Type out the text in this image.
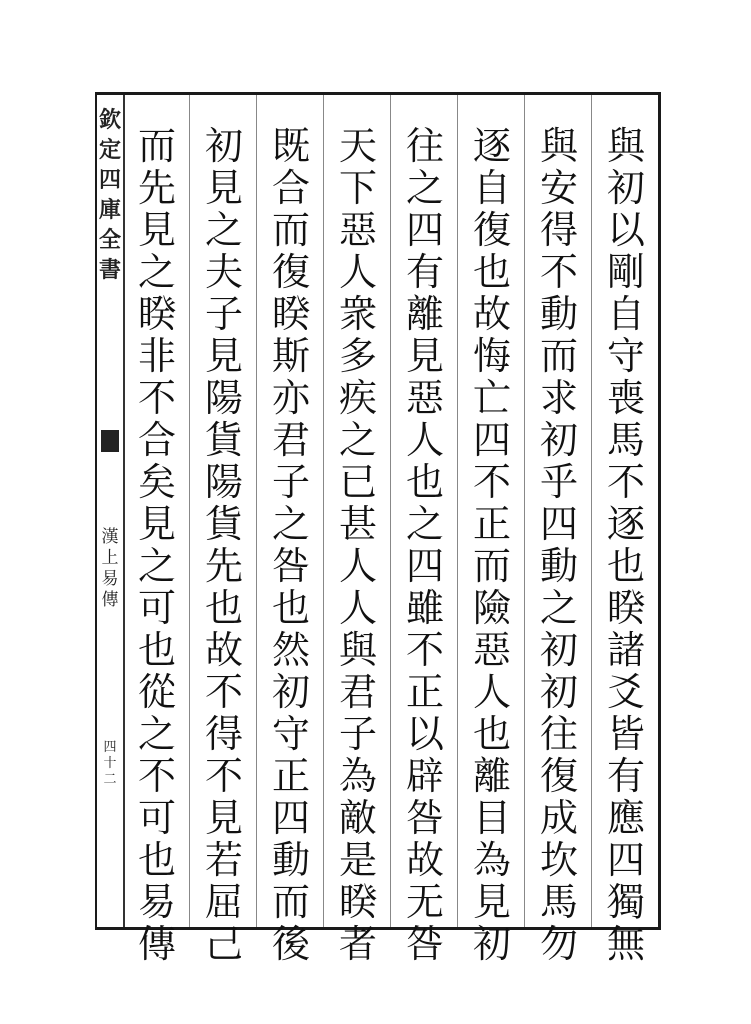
欽定四庫全書
漢上易傳
四十二
而先見之睽非不合矣見之可也從之不可也易傳
初見之夫子見陽貨陽貨先也故不得不見若屈己
既合而復睽斯亦君子之咎也然初守正四動而後
天下惡人衆多疾之已甚人人與君子為敵是睽者
往之四有離見惡人也之四雖不正以辟咎故无咎
逐自復也故悔亡四不正而險惡人也離目為見初
與安得不動而求初乎四動之初初往復成坎馬勿
與初以剛自守喪馬不逐也睽諸爻皆有應四獨無
